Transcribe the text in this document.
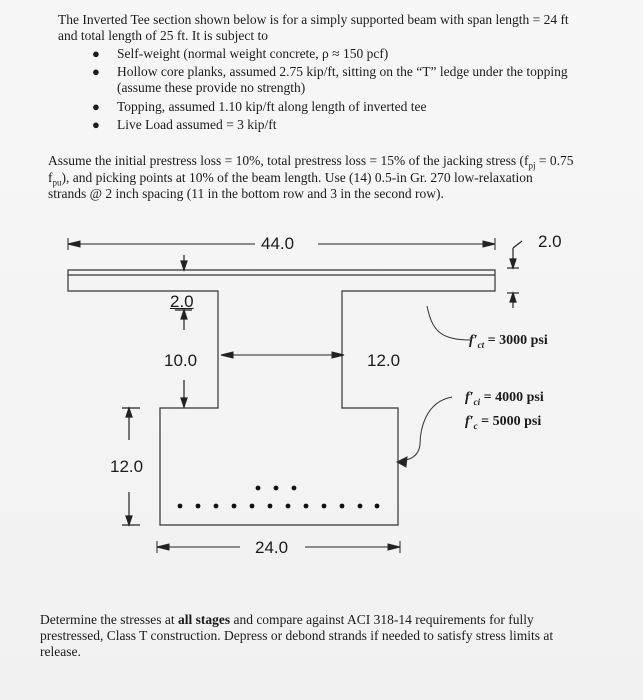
The Inverted Tee section shown below is for a simply supported beam with span length = 24 ft
and total length of 25 ft. It is subject to
● Self-weight (normal weight concrete, ρ ≈ 150 pcf)
● Hollow core planks, assumed 2.75 kip/ft, sitting on the “T” ledge under the topping
(assume these provide no strength)
● Topping, assumed 1.10 kip/ft along length of inverted tee
● Live Load assumed = 3 kip/ft
Assume the initial prestress loss = 10%, total prestress loss = 15% of the jacking stress ($f_{pj} = 0.75$
$f_{pu}$), and picking points at 10% of the beam length. Use (14) 0.5-in Gr. 270 low-relaxation
strands @ 2 inch spacing (11 in the bottom row and 3 in the second row).
44.0	2.0
2.0
10.0	12.0
12.0
24.0
$f'_{ct} = 3000$ psi
$f'_{ci} = 4000$ psi
$f'_c = 5000$ psi
Determine the stresses at all stages and compare against ACI 318-14 requirements for fully
prestressed, Class T construction. Depress or debond strands if needed to satisfy stress limits at
release.
